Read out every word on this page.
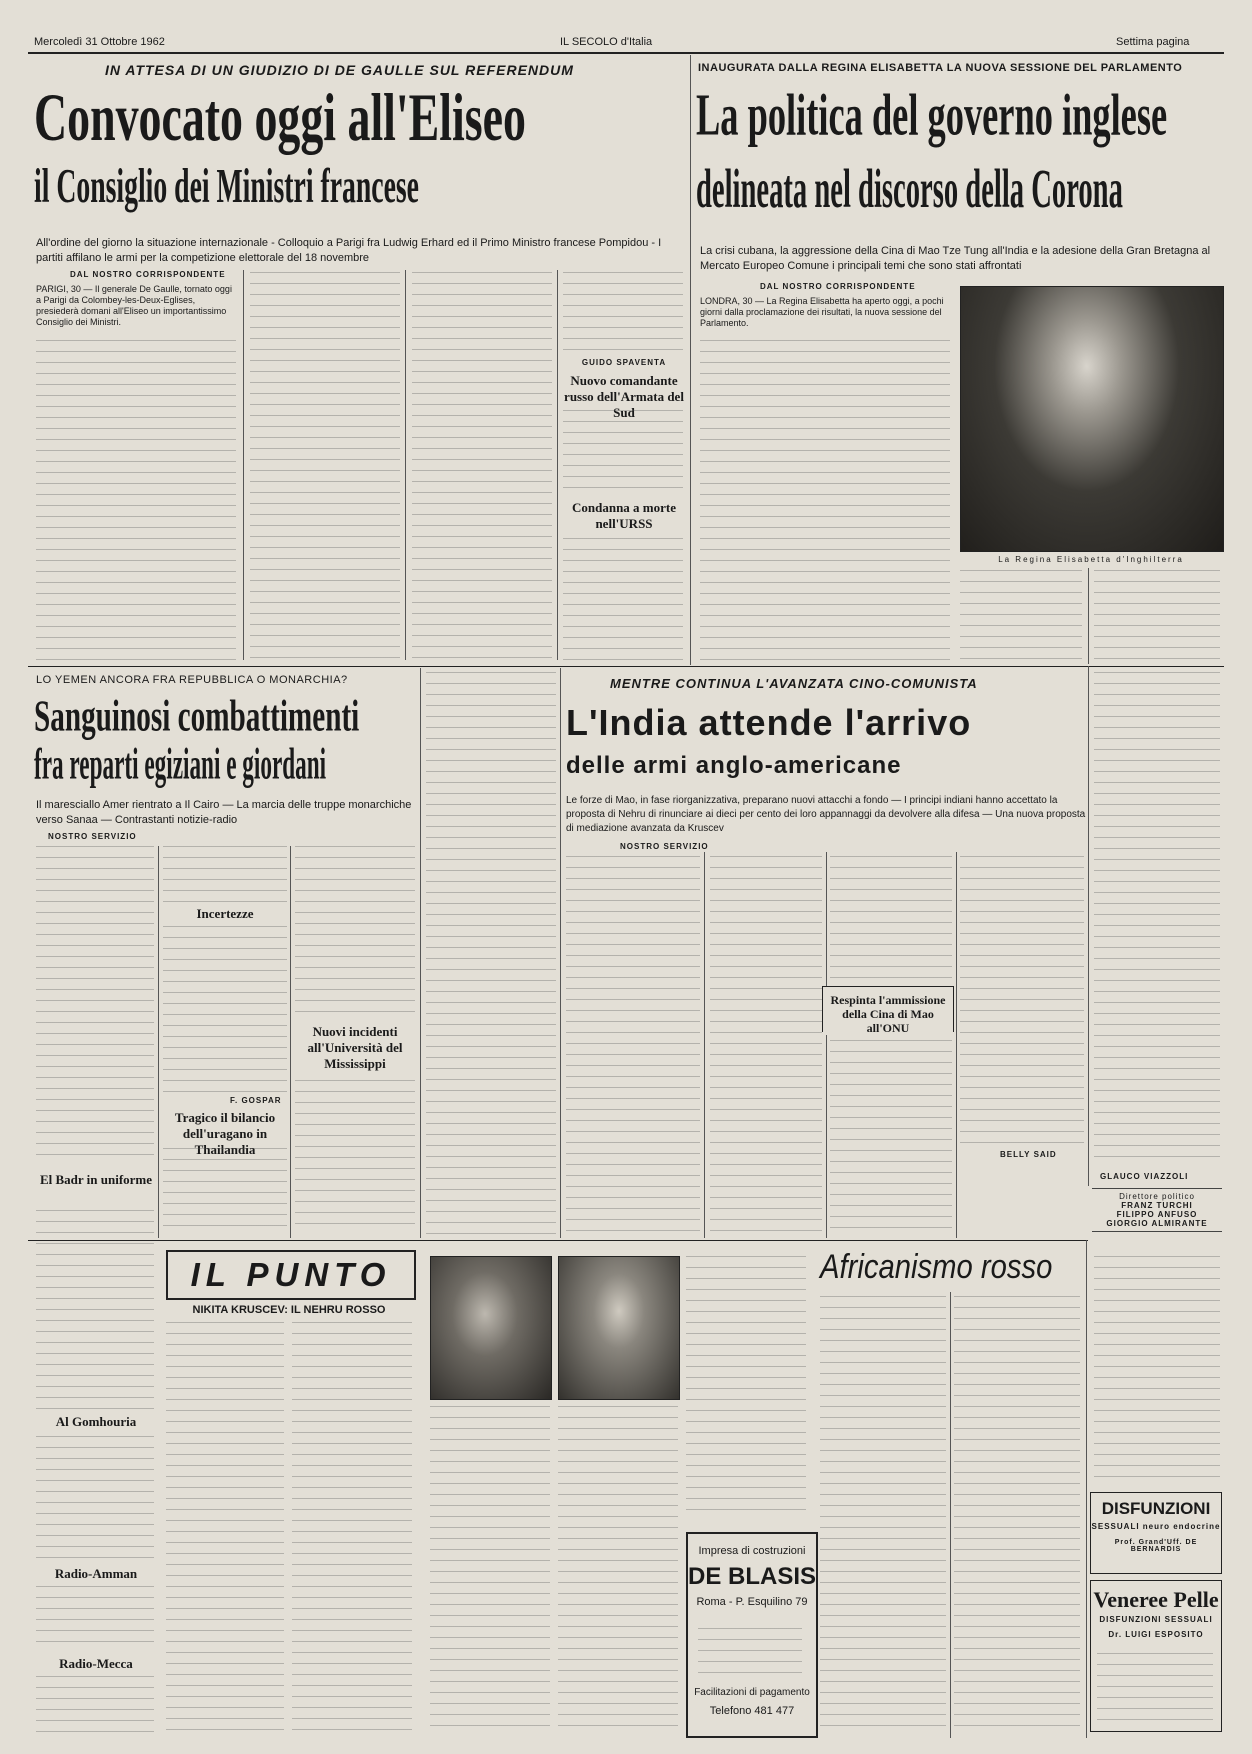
Mercoledì 31 Ottobre 1962	IL SECOLO d'Italia	Settima pagina
IN ATTESA DI UN GIUDIZIO DI DE GAULLE SUL REFERENDUM
Convocato oggi all'Eliseo
il Consiglio dei Ministri francese
All'ordine del giorno la situazione internazionale - Colloquio a Parigi fra Ludwig Erhard ed il Primo Ministro francese Pompidou - I partiti affilano le armi per la competizione elettorale del 18 novembre
DAL NOSTRO CORRISPONDENTE
PARIGI, 30 — Il generale De Gaulle, tornato oggi a Parigi da Colombey-les-Deux-Eglises, presiederà domani all'Eliseo un importantissimo Consiglio dei Ministri.
GUIDO SPAVENTA
Nuovo comandante russo dell'Armata del Sud
Condanna a morte nell'URSS
INAUGURATA DALLA REGINA ELISABETTA LA NUOVA SESSIONE DEL PARLAMENTO
La politica del governo inglese
delineata nel discorso della Corona
La crisi cubana, la aggressione della Cina di Mao Tze Tung all'India e la adesione della Gran Bretagna al Mercato Europeo Comune i principali temi che sono stati affrontati
DAL NOSTRO CORRISPONDENTE
LONDRA, 30 — La Regina Elisabetta ha aperto oggi, a pochi giorni dalla proclamazione dei risultati, la nuova sessione del Parlamento.
La Regina Elisabetta d'Inghilterra
LO YEMEN ANCORA FRA REPUBBLICA O MONARCHIA?
Sanguinosi combattimenti
fra reparti egiziani e giordani
Il maresciallo Amer rientrato a Il Cairo — La marcia delle truppe monarchiche verso Sanaa — Contrastanti notizie-radio
NOSTRO SERVIZIO
El Badr in uniforme
Al Gomhouria
Radio-Amman
Radio-Mecca
Incertezze
F. GOSPAR
Tragico il bilancio dell'uragano in Thailandia
Nuovi incidenti all'Università del Mississippi
MENTRE CONTINUA L'AVANZATA CINO-COMUNISTA
L'India attende l'arrivo
delle armi anglo-americane
Le forze di Mao, in fase riorganizzativa, preparano nuovi attacchi a fondo — I principi indiani hanno accettato la proposta di Nehru di rinunciare ai dieci per cento dei loro appannaggi da devolvere alla difesa — Una nuova proposta di mediazione avanzata da Kruscev
NOSTRO SERVIZIO
Respinta l'ammissione della Cina di Mao all'ONU
BELLY SAID
GLAUCO VIAZZOLI
Direttore politico
FRANZ TURCHI
FILIPPO ANFUSO
GIORGIO ALMIRANTE
DISFUNZIONI
SESSUALI neuro endocrine
Prof. Grand'Uff. DE BERNARDIS
Veneree Pelle
DISFUNZIONI SESSUALI
Dr. LUIGI ESPOSITO
IL PUNTO
NIKITA KRUSCEV: IL NEHRU ROSSO
Impresa di costruzioni
DE BLASIS
Roma - P. Esquilino 79
Facilitazioni di pagamento
Telefono 481 477
Africanismo rosso
